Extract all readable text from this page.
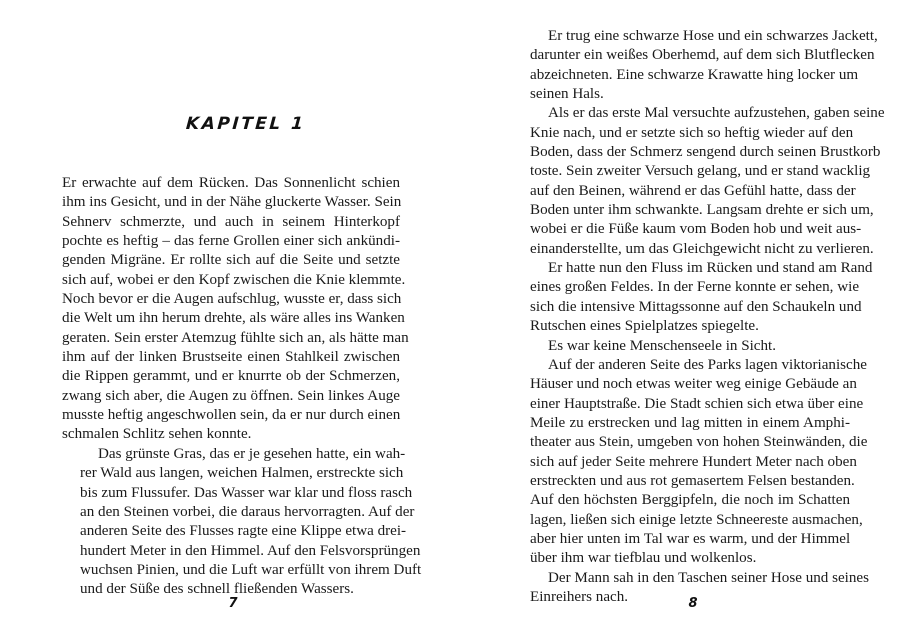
KAPITEL 1
Er erwachte auf dem Rücken. Das Sonnenlicht schien
ihm ins Gesicht, und in der Nähe gluckerte Wasser. Sein
Sehnerv schmerzte, und auch in seinem Hinterkopf
pochte es heftig – das ferne Grollen einer sich ankündi-
genden Migräne. Er rollte sich auf die Seite und setzte
sich auf, wobei er den Kopf zwischen die Knie klemmte.
Noch bevor er die Augen aufschlug, wusste er, dass sich
die Welt um ihn herum drehte, als wäre alles ins Wanken
geraten. Sein erster Atemzug fühlte sich an, als hätte man
ihm auf der linken Brustseite einen Stahlkeil zwischen
die Rippen gerammt, und er knurrte ob der Schmerzen,
zwang sich aber, die Augen zu öffnen. Sein linkes Auge
musste heftig angeschwollen sein, da er nur durch einen
schmalen Schlitz sehen konnte.
Das grünste Gras, das er je gesehen hatte, ein wah-
rer Wald aus langen, weichen Halmen, erstreckte sich
bis zum Flussufer. Das Wasser war klar und floss rasch
an den Steinen vorbei, die daraus hervorragten. Auf der
anderen Seite des Flusses ragte eine Klippe etwa drei-
hundert Meter in den Himmel. Auf den Felsvorsprüngen
wuchsen Pinien, und die Luft war erfüllt von ihrem Duft
und der Süße des schnell fließenden Wassers.
7
Er trug eine schwarze Hose und ein schwarzes Jackett,
darunter ein weißes Oberhemd, auf dem sich Blutflecken
abzeichneten. Eine schwarze Krawatte hing locker um
seinen Hals.
Als er das erste Mal versuchte aufzustehen, gaben seine
Knie nach, und er setzte sich so heftig wieder auf den
Boden, dass der Schmerz sengend durch seinen Brustkorb
toste. Sein zweiter Versuch gelang, und er stand wacklig
auf den Beinen, während er das Gefühl hatte, dass der
Boden unter ihm schwankte. Langsam drehte er sich um,
wobei er die Füße kaum vom Boden hob und weit aus-
einanderstellte, um das Gleichgewicht nicht zu verlieren.
Er hatte nun den Fluss im Rücken und stand am Rand
eines großen Feldes. In der Ferne konnte er sehen, wie
sich die intensive Mittagssonne auf den Schaukeln und
Rutschen eines Spielplatzes spiegelte.
Es war keine Menschenseele in Sicht.
Auf der anderen Seite des Parks lagen viktorianische
Häuser und noch etwas weiter weg einige Gebäude an
einer Hauptstraße. Die Stadt schien sich etwa über eine
Meile zu erstrecken und lag mitten in einem Amphi-
theater aus Stein, umgeben von hohen Steinwänden, die
sich auf jeder Seite mehrere Hundert Meter nach oben
erstreckten und aus rot gemasertem Felsen bestanden.
Auf den höchsten Berggipfeln, die noch im Schatten
lagen, ließen sich einige letzte Schneereste ausmachen,
aber hier unten im Tal war es warm, und der Himmel
über ihm war tiefblau und wolkenlos.
Der Mann sah in den Taschen seiner Hose und seines
Einreihers nach.	8
